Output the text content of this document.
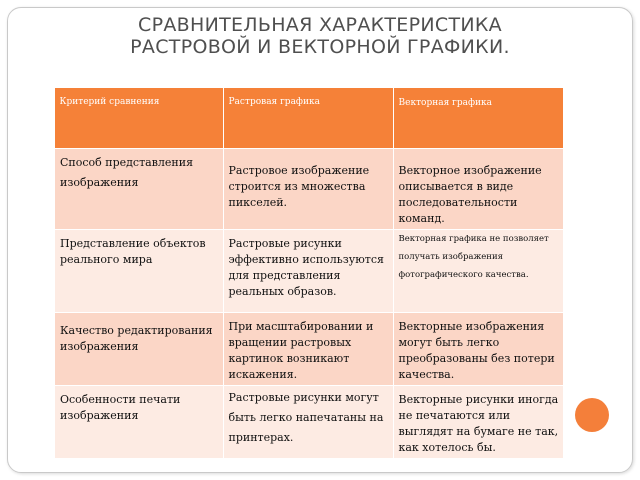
СРАВНИТЕЛЬНАЯ ХАРАКТЕРИСТИКА
РАСТРОВОЙ И ВЕКТОРНОЙ ГРАФИКИ.
Критерий сравнения	Растровая графика	Векторная графика
Способ представления изображения	Растровое изображение строится из множества пикселей.	Векторное изображение описывается в виде последовательности команд.
Представление объектов реального мира	Растровые рисунки эффективно используются для представления реальных образов.	Векторная графика не позволяет получать изображения фотографического качества.
Качество редактирования изображения	При масштабировании и вращении растровых картинок возникают искажения.	Векторные изображения могут быть легко преобразованы без потери качества.
Особенности печати изображения	Растровые рисунки могут быть легко напечатаны на принтерах.	Векторные рисунки иногда не печатаются или выглядят на бумаге не так, как хотелось бы.
